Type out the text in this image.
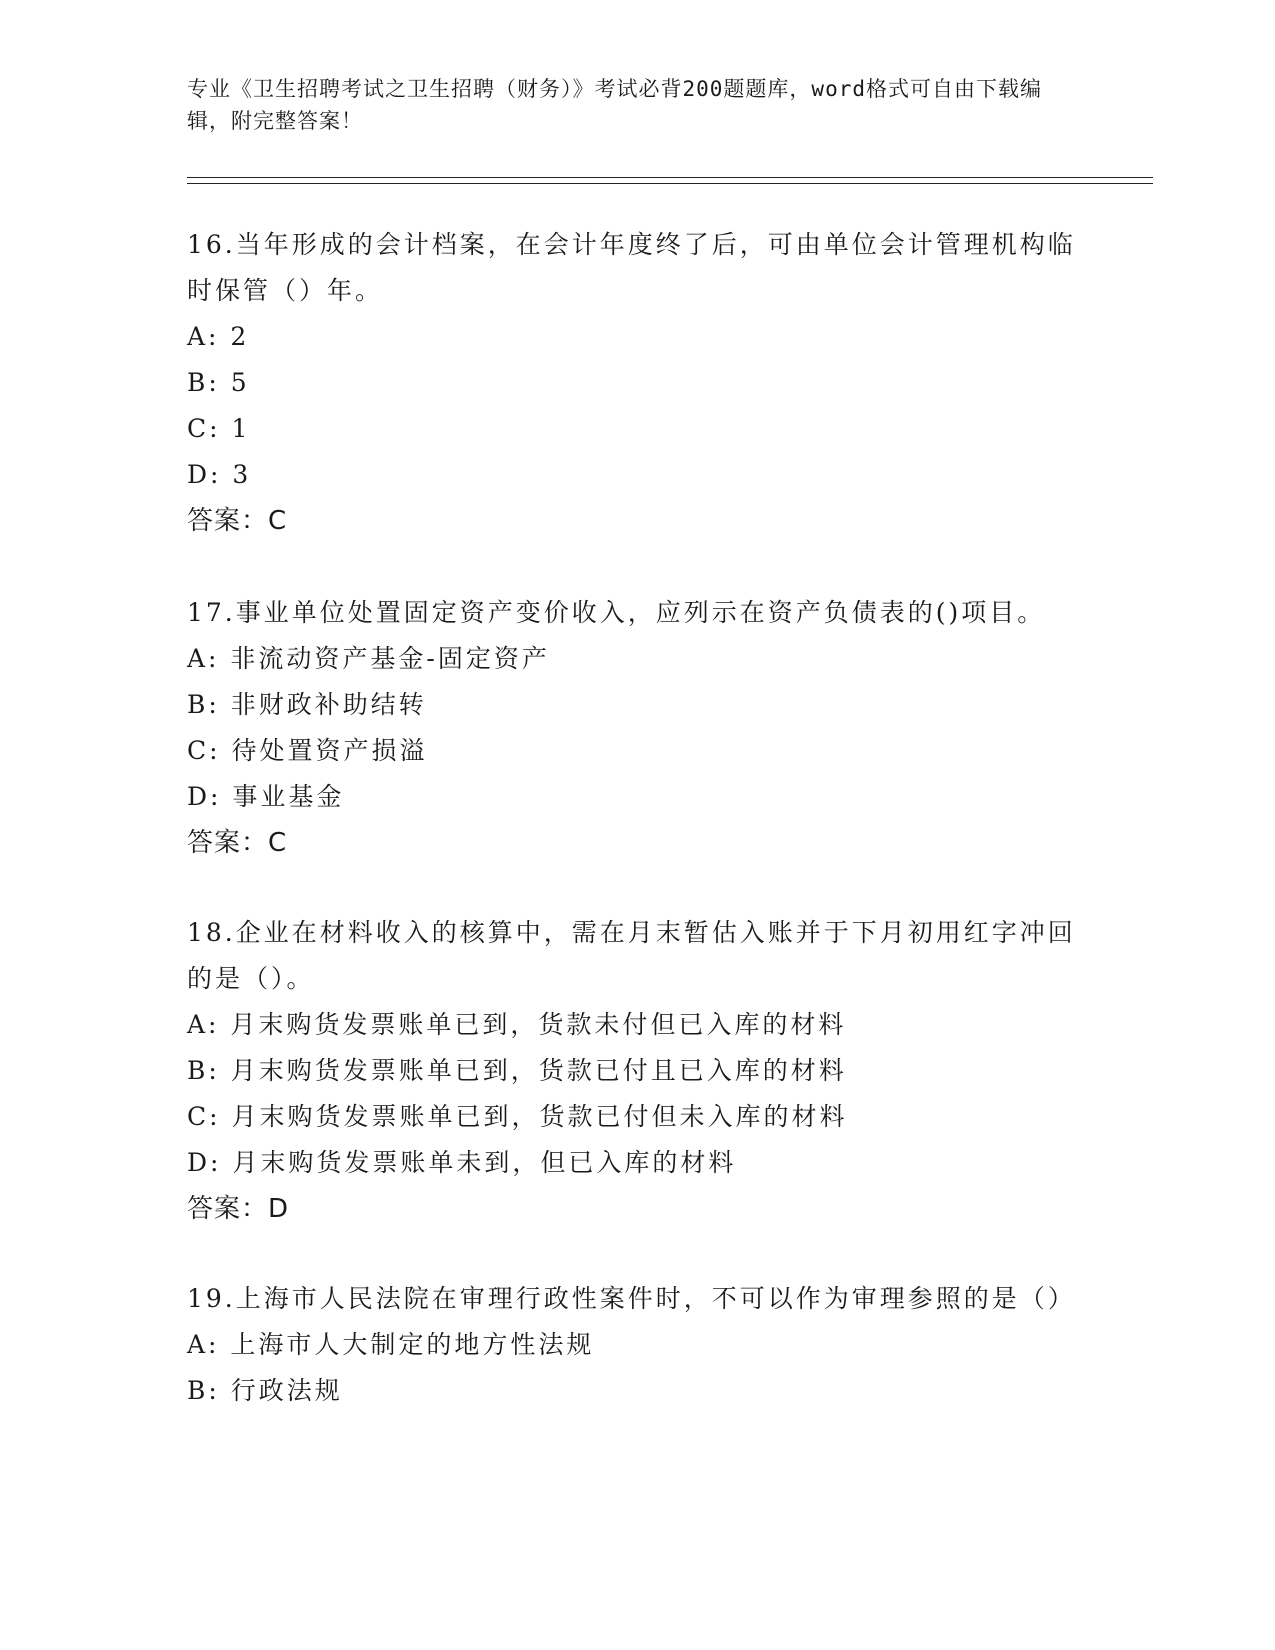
专业《卫生招聘考试之卫生招聘（财务）》考试必背200题题库，word格式可自由下载编辑，附完整答案！
16.当年形成的会计档案，在会计年度终了后，可由单位会计管理机构临时保管（）年。
A: 2
B: 5
C: 1
D: 3
答案：C
17.事业单位处置固定资产变价收入，应列示在资产负债表的()项目。
A: 非流动资产基金-固定资产
B: 非财政补助结转
C: 待处置资产损溢
D: 事业基金
答案：C
18.企业在材料收入的核算中，需在月末暂估入账并于下月初用红字冲回的是（）。
A: 月末购货发票账单已到，货款未付但已入库的材料
B: 月末购货发票账单已到，货款已付且已入库的材料
C: 月末购货发票账单已到，货款已付但未入库的材料
D: 月末购货发票账单未到，但已入库的材料
答案：D
19.上海市人民法院在审理行政性案件时，不可以作为审理参照的是（）
A: 上海市人大制定的地方性法规
B: 行政法规
